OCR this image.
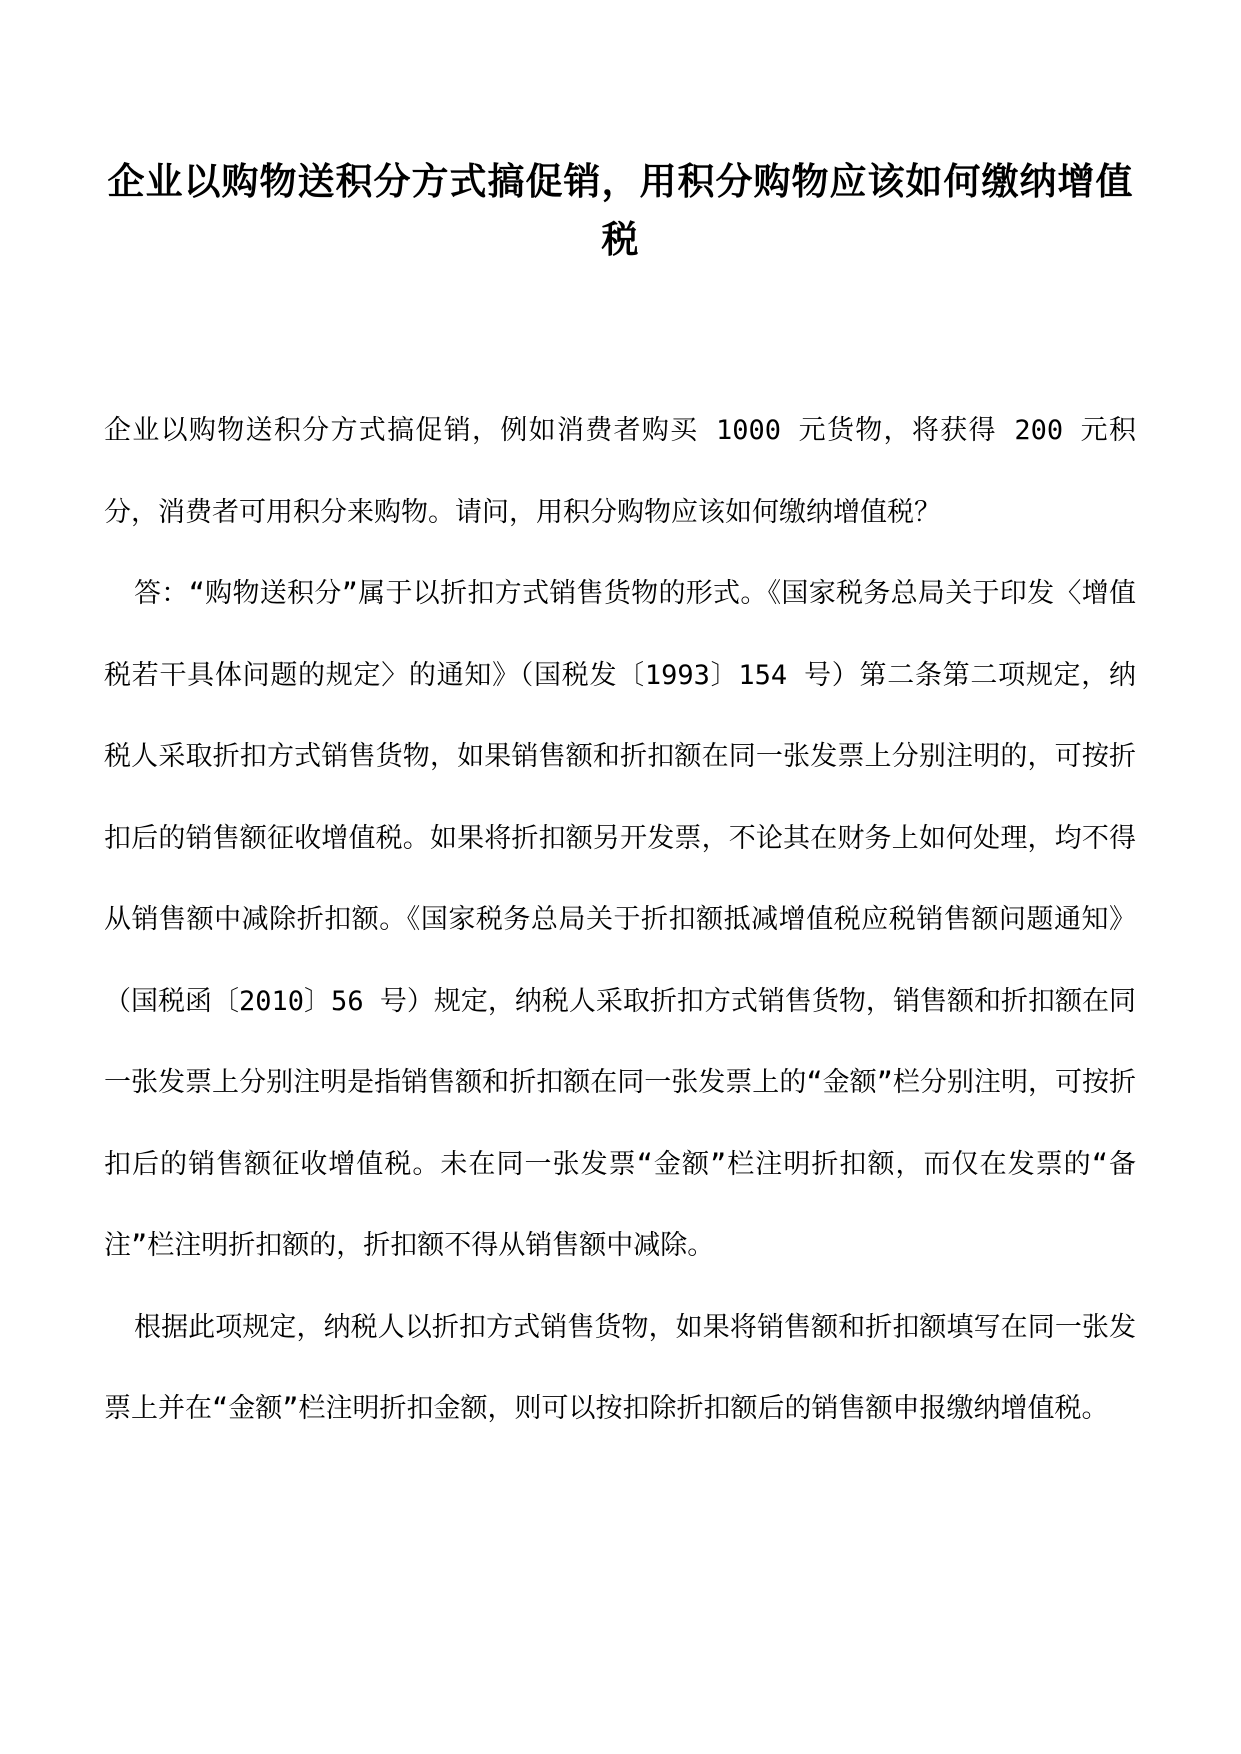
企业以购物送积分方式搞促销，用积分购物应该如何缴纳增值税

企业以购物送积分方式搞促销，例如消费者购买 1000 元货物，将获得 200 元积分，消费者可用积分来购物。请问，用积分购物应该如何缴纳增值税？

答：“购物送积分”属于以折扣方式销售货物的形式。《国家税务总局关于印发〈增值税若干具体问题的规定〉的通知》（国税发〔1993〕154 号）第二条第二项规定，纳税人采取折扣方式销售货物，如果销售额和折扣额在同一张发票上分别注明的，可按折扣后的销售额征收增值税。如果将折扣额另开发票，不论其在财务上如何处理，均不得从销售额中减除折扣额。《国家税务总局关于折扣额抵减增值税应税销售额问题通知》（国税函〔2010〕56 号）规定，纳税人采取折扣方式销售货物，销售额和折扣额在同一张发票上分别注明是指销售额和折扣额在同一张发票上的“金额”栏分别注明，可按折扣后的销售额征收增值税。未在同一张发票“金额”栏注明折扣额，而仅在发票的“备注”栏注明折扣额的，折扣额不得从销售额中减除。

根据此项规定，纳税人以折扣方式销售货物，如果将销售额和折扣额填写在同一张发票上并在“金额”栏注明折扣金额，则可以按扣除折扣额后的销售额申报缴纳增值税。
